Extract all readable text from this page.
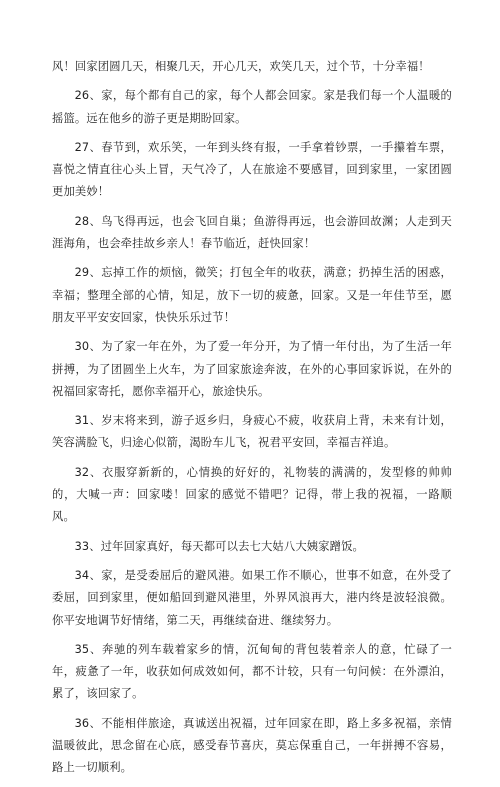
风！回家团圆几天，相聚几天，开心几天，欢笑几天，过个节，十分幸福！

26、家，每个都有自己的家，每个人都会回家。家是我们每一个人温暖的摇篮。远在他乡的游子更是期盼回家。

27、春节到，欢乐笑，一年到头终有报，一手拿着钞票，一手攥着车票，喜悦之情直往心头上冒，天气冷了，人在旅途不要感冒，回到家里，一家团圆更加美妙！

28、鸟飞得再远，也会飞回自巢；鱼游得再远，也会游回故渊；人走到天涯海角，也会牵挂故乡亲人！春节临近，赶快回家！

29、忘掉工作的烦恼，微笑；打包全年的收获，满意；扔掉生活的困惑，幸福；整理全部的心情，知足，放下一切的疲惫，回家。又是一年佳节至，愿朋友平平安安回家，快快乐乐过节！

30、为了家一年在外，为了爱一年分开，为了情一年付出，为了生活一年拼搏，为了团圆坐上火车，为了回家旅途奔波，在外的心事回家诉说，在外的祝福回家寄托，愿你幸福开心，旅途快乐。

31、岁末将来到，游子返乡归，身疲心不疲，收获肩上背，未来有计划，笑容满脸飞，归途心似箭，渴盼车儿飞，祝君平安回，幸福吉祥追。

32、衣服穿新新的，心情换的好好的，礼物装的满满的，发型修的帅帅的，大喊一声：回家喽！回家的感觉不错吧？记得，带上我的祝福，一路顺风。

33、过年回家真好，每天都可以去七大姑八大姨家蹭饭。

34、家，是受委屈后的避风港。如果工作不顺心，世事不如意，在外受了委屈，回到家里，便如船回到避风港里，外界风浪再大，港内终是波轻浪微。你平安地调节好情绪，第二天，再继续奋进、继续努力。

35、奔驰的列车载着家乡的情，沉甸甸的背包装着亲人的意，忙碌了一年，疲惫了一年，收获如何成效如何，都不计较，只有一句问候：在外漂泊，累了，该回家了。

36、不能相伴旅途，真诚送出祝福，过年回家在即，路上多多祝福，亲情温暖彼此，思念留在心底，感受春节喜庆，莫忘保重自己，一年拼搏不容易，路上一切顺利。
